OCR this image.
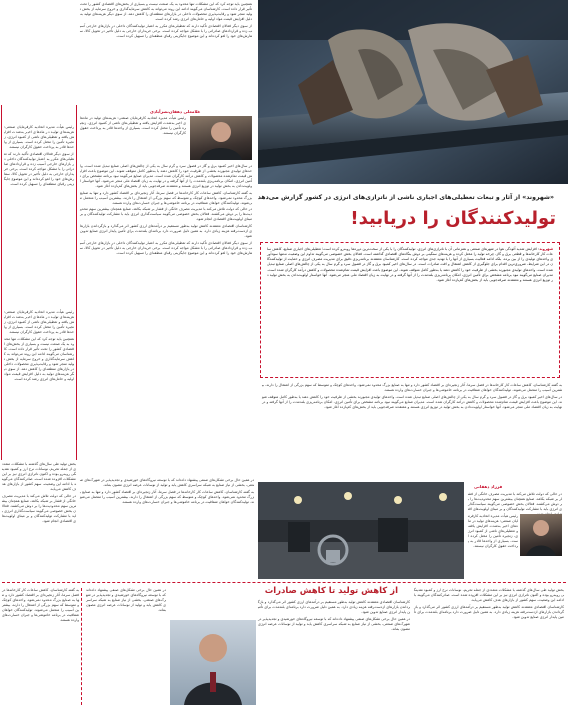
همچنین باید توجه کرد که این مشکلات تنها محدود به یک صنعت نیست و بسیاری از بخش‌های اقتصادی کشور را تحت تأثیر قرار داده است. کارشناسان می‌گویند ادامه این روند می‌تواند به کاهش سرمایه‌گذاری و خروج سرمایه از بخش تولید منجر شود و رقابت‌پذیری محصولات داخلی در بازارهای منطقه‌ای را کاهش دهد. از سوی دیگر هزینه‌های تولید به دلیل افزایش قیمت مواد اولیه و حامل‌های انرژی رشد کرده است.

از سوی دیگر فعالان اقتصادی تأکید دارند که تعطیلی‌های مکرر به اعتبار تولیدکنندگان داخلی در بازارهای خارجی آسیب زده و قراردادهای صادراتی را با مشکل مواجه کرده است. برخی خریداران خارجی به دلیل تأخیر در تحویل کالا، سفارش‌های خود را لغو کرده‌اند و این موضوع جایگزینی رقبای منطقه‌ای را تسهیل کرده است.

رئیس هیأت مدیره اتحادیه کارفرمایان صنعتی: هزینه‌های تولید در ماه‌های اخیر به‌شدت افزایش یافته و تعطیلی‌های ناشی از کمبود انرژی، زنجیره تأمین را مختل کرده است. بسیاری از واحدها قادر به پرداخت حقوق کارگران نیستند.

از سوی دیگر فعالان اقتصادی تأکید دارند که تعطیلی‌های مکرر به اعتبار تولیدکنندگان داخلی در بازارهای خارجی آسیب زده و قراردادهای صادراتی را با مشکل مواجه کرده است. برخی خریداران خارجی به دلیل تأخیر در تحویل کالا، سفارش‌های خود را لغو کرده‌اند و این موضوع جایگزینی رقبای منطقه‌ای را تسهیل کرده است.

رئیس هیأت مدیره اتحادیه کارفرمایان صنعتی: هزینه‌های تولید در ماه‌های اخیر به‌شدت افزایش یافته و تعطیلی‌های ناشی از کمبود انرژی، زنجیره تأمین را مختل کرده است. بسیاری از واحدها قادر به پرداخت حقوق کارگران نیستند.

همچنین باید توجه کرد که این مشکلات تنها محدود به یک صنعت نیست و بسیاری از بخش‌های اقتصادی کشور را تحت تأثیر قرار داده است. کارشناسان می‌گویند ادامه این روند می‌تواند به کاهش سرمایه‌گذاری و خروج سرمایه از بخش تولید منجر شود و رقابت‌پذیری محصولات داخلی در بازارهای منطقه‌ای را کاهش دهد. از سوی دیگر هزینه‌های تولید به دلیل افزایش قیمت مواد اولیه و حامل‌های انرژی رشد کرده است.

غلامعلی دهقان‌نصرآبادی

رئیس هیأت مدیره اتحادیه کارفرمایان صنعتی: هزینه‌های تولید در ماه‌های اخیر به‌شدت افزایش یافته و تعطیلی‌های ناشی از کمبود انرژی، زنجیره تأمین را مختل کرده است. بسیاری از واحدها قادر به پرداخت حقوق کارگران نیستند.

در سال‌های اخیر کمبود برق و گاز در فصول سرد و گرم سال به یکی از چالش‌های اصلی صنایع تبدیل شده است. واحدهای تولیدی مجبورند بخشی از ظرفیت خود را کاهش دهند یا به‌طور کامل متوقف شوند. این موضوع باعث افزایش قیمت تمام‌شده محصولات و کاهش درآمد کارگران شده است. مدیران صنایع می‌گویند نبود برنامه مشخص برای تأمین انرژی، امکان برنامه‌ریزی بلندمدت را از آنها گرفته و در نهایت به زیان اقتصاد ملی منجر می‌شود. آنها خواستار اولویت‌دادن به بخش تولید در توزیع انرژی هستند و معتقدند صرفه‌جویی باید از بخش‌های کم‌بازده آغاز شود.

به گفته کارشناسان، کاهش ساعات کار کارخانه‌ها در فصل سرما، آثار زنجیره‌ای بر اقتصاد کشور دارد و تنها به صنایع بزرگ محدود نمی‌شود. واحدهای کوچک و متوسط که سهم بزرگی از اشتغال را دارند، بیشترین آسیب را متحمل می‌شوند. تولیدکنندگان خواهان شفافیت در برنامه خاموشی‌ها و جبران خسارت‌های وارده هستند.

در حالی که دولت تلاش می‌کند با مدیریت مصرف خانگی از فشار بر شبکه بکاهد، صنایع همچنان بیشترین سهم محدودیت‌ها را بر دوش می‌کشند. فعالان بخش خصوصی می‌گویند سیاست‌گذاری انرژی باید با مشارکت تولیدکنندگان و بر مبنای اولویت‌های اقتصادی انجام شود.

کارشناسان اقتصادی معتقدند کاهش تولید به‌طور مستقیم بر درآمدهای ارزی کشور اثر می‌گذارد و بازگرداندن بازارهای ازدست‌رفته هزینه زیادی دارد. به همین دلیل ضرورت دارد برنامه‌ای بلندمدت برای تأمین پایدار انرژی صنایع تدوین شود.

از سوی دیگر فعالان اقتصادی تأکید دارند که تعطیلی‌های مکرر به اعتبار تولیدکنندگان داخلی در بازارهای خارجی آسیب زده و قراردادهای صادراتی را با مشکل مواجه کرده است. برخی خریداران خارجی به دلیل تأخیر در تحویل کالا، سفارش‌های خود را لغو کرده‌اند و این موضوع جایگزینی رقبای منطقه‌ای را تسهیل کرده است.

«شهروند» از آثار و تبعات تعطیلی‌های اجباری ناشی از ناترازی‌های انرژی در کشور گزارش می‌دهد
تولیدکنندگان را دریابید!
شهروند: افزایش شدید آلودگی هوا در شهرهای صنعتی و همزمانی آن با ناترازی‌های انرژی، تولیدکنندگان را با یکی از سخت‌ترین دوره‌ها روبه‌رو کرده است؛ تعطیلی‌های اجباری صنایع، کاهش ساعات کار کارخانه‌ها و قطعی برق و گاز، چرخه تولید را مختل کرده و هزینه‌های سنگینی بر دوش بنگاه‌های اقتصادی گذاشته است. فعالان بخش خصوصی می‌گویند تداوم این وضعیت نه‌تنها سودآوری واحدهای تولیدی را از بین برده، بلکه ادامه فعالیت بسیاری از آنها را با تهدید جدی مواجه کرده است. کارشناسان معتقدند برنامه‌ریزی دقیق برای مدیریت مصرف انرژی و حمایت از تولیدکنندگان در این شرایط، ضروری‌ترین اقدام برای جلوگیری از کاهش اشتغال و افت صادرات است. در سال‌های اخیر کمبود برق و گاز در فصول سرد و گرم سال به یکی از چالش‌های اصلی صنایع تبدیل شده است. واحدهای تولیدی مجبورند بخشی از ظرفیت خود را کاهش دهند یا به‌طور کامل متوقف شوند. این موضوع باعث افزایش قیمت تمام‌شده محصولات و کاهش درآمد کارگران شده است. مدیران صنایع می‌گویند نبود برنامه مشخص برای تأمین انرژی، امکان برنامه‌ریزی بلندمدت را از آنها گرفته و در نهایت به زیان اقتصاد ملی منجر می‌شود. آنها خواستار اولویت‌دادن به بخش تولید در توزیع انرژی هستند و معتقدند صرفه‌جویی باید از بخش‌های کم‌بازده آغاز شود.

به گفته کارشناسان، کاهش ساعات کار کارخانه‌ها در فصل سرما، آثار زنجیره‌ای بر اقتصاد کشور دارد و تنها به صنایع بزرگ محدود نمی‌شود. واحدهای کوچک و متوسط که سهم بزرگی از اشتغال را دارند، بیشترین آسیب را متحمل می‌شوند. تولیدکنندگان خواهان شفافیت در برنامه خاموشی‌ها و جبران خسارت‌های وارده هستند.

در سال‌های اخیر کمبود برق و گاز در فصول سرد و گرم سال به یکی از چالش‌های اصلی صنایع تبدیل شده است. واحدهای تولیدی مجبورند بخشی از ظرفیت خود را کاهش دهند یا به‌طور کامل متوقف شوند. این موضوع باعث افزایش قیمت تمام‌شده محصولات و کاهش درآمد کارگران شده است. مدیران صنایع می‌گویند نبود برنامه مشخص برای تأمین انرژی، امکان برنامه‌ریزی بلندمدت را از آنها گرفته و در نهایت به زیان اقتصاد ملی منجر می‌شود. آنها خواستار اولویت‌دادن به بخش تولید در توزیع انرژی هستند و معتقدند صرفه‌جویی باید از بخش‌های کم‌بازده آغاز شود.

فرزاد دهقانی

در حالی که دولت تلاش می‌کند با مدیریت مصرف خانگی از فشار بر شبکه بکاهد، صنایع همچنان بیشترین سهم محدودیت‌ها را بر دوش می‌کشند. فعالان بخش خصوصی می‌گویند سیاست‌گذاری انرژی باید با مشارکت تولیدکنندگان و بر مبنای اولویت‌های اقت

رئیس هیأت مدیره اتحادیه کارفرمایان صنعتی: هزینه‌های تولید در ماه‌های اخیر به‌شدت افزایش یافته و تعطیلی‌های ناشی از کمبود انرژی، زنجیره تأمین را مختل کرده است. بسیاری از واحدها قادر به پرداخت حقوق کارگران نیستند.

در همین حال برخی تشکل‌های صنفی پیشنهاد داده‌اند که با توسعه نیروگاه‌های خورشیدی و تجدیدپذیر در شهرک‌های صنعتی، بخشی از نیاز صنایع به شبکه سراسری کاهش یابد و تولید از نوسانات عرضه انرژی مصون بماند.

به گفته کارشناسان، کاهش ساعات کار کارخانه‌ها در فصل سرما، آثار زنجیره‌ای بر اقتصاد کشور دارد و تنها به صنایع بزرگ محدود نمی‌شود. واحدهای کوچک و متوسط که سهم بزرگی از اشتغال را دارند، بیشترین آسیب را متحمل می‌شوند. تولیدکنندگان خواهان شفافیت در برنامه خاموشی‌ها و جبران خسارت‌های وارده هستند.

بخش تولید طی سال‌های گذشته با مشکلات متعددی از جمله تحریم، نوسانات نرخ ارز و کمبود نقدینگی روبه‌رو بوده و اکنون ناترازی انرژی نیز بر این مشکلات افزوده شده است. صادرکنندگان می‌گویند با ادامه این وضعیت، سهم کشور از بازارهای هدف کاهش می‌یابد.

در حالی که دولت تلاش می‌کند با مدیریت مصرف خانگی از فشار بر شبکه بکاهد، صنایع همچنان بیشترین سهم محدودیت‌ها را بر دوش می‌کشند. فعالان بخش خصوصی می‌گویند سیاست‌گذاری انرژی باید با مشارکت تولیدکنندگان و بر مبنای اولویت‌های اقتصادی انجام شود.

از کاهش تولید تا کاهش صادرات	بخش تولید طی سال‌های گذشته با مشکلات متعددی از جمله تحریم، نوسانات نرخ ارز و کمبود نقدینگی روبه‌رو بوده و اکنون ناترازی انرژی نیز بر این مشکلات افزوده شده است. صادرکنندگان می‌گویند با ادامه این وضعیت، سهم کشور از بازارهای هدف کاهش می‌یابد.

کارشناسان اقتصادی معتقدند کاهش تولید به‌طور مستقیم بر درآمدهای ارزی کشور اثر می‌گذارد و بازگرداندن بازارهای ازدست‌رفته هزینه زیادی دارد. به همین دلیل ضرورت دارد برنامه‌ای بلندمدت برای تأمین پایدار انرژی صنایع تدوین شود.

کارشناسان اقتصادی معتقدند کاهش تولید به‌طور مستقیم بر درآمدهای ارزی کشور اثر می‌گذارد و بازگرداندن بازارهای ازدست‌رفته هزینه زیادی دارد. به همین دلیل ضرورت دارد برنامه‌ای بلندمدت برای تأمین پایدار انرژی صنایع تدوین شود.

در همین حال برخی تشکل‌های صنفی پیشنهاد داده‌اند که با توسعه نیروگاه‌های خورشیدی و تجدیدپذیر در شهرک‌های صنعتی، بخشی از نیاز صنایع به شبکه سراسری کاهش یابد و تولید از نوسانات عرضه انرژی مصون بماند.

در همین حال برخی تشکل‌های صنفی پیشنهاد داده‌اند که با توسعه نیروگاه‌های خورشیدی و تجدیدپذیر در شهرک‌های صنعتی، بخشی از نیاز صنایع به شبکه سراسری کاهش یابد و تولید از نوسانات عرضه انرژی مصون بماند.

به گفته کارشناسان، کاهش ساعات کار کارخانه‌ها در فصل سرما، آثار زنجیره‌ای بر اقتصاد کشور دارد و تنها به صنایع بزرگ محدود نمی‌شود. واحدهای کوچک و متوسط که سهم بزرگی از اشتغال را دارند، بیشترین آسیب را متحمل می‌شوند. تولیدکنندگان خواهان شفافیت در برنامه خاموشی‌ها و جبران خسارت‌های وارده هستند.
